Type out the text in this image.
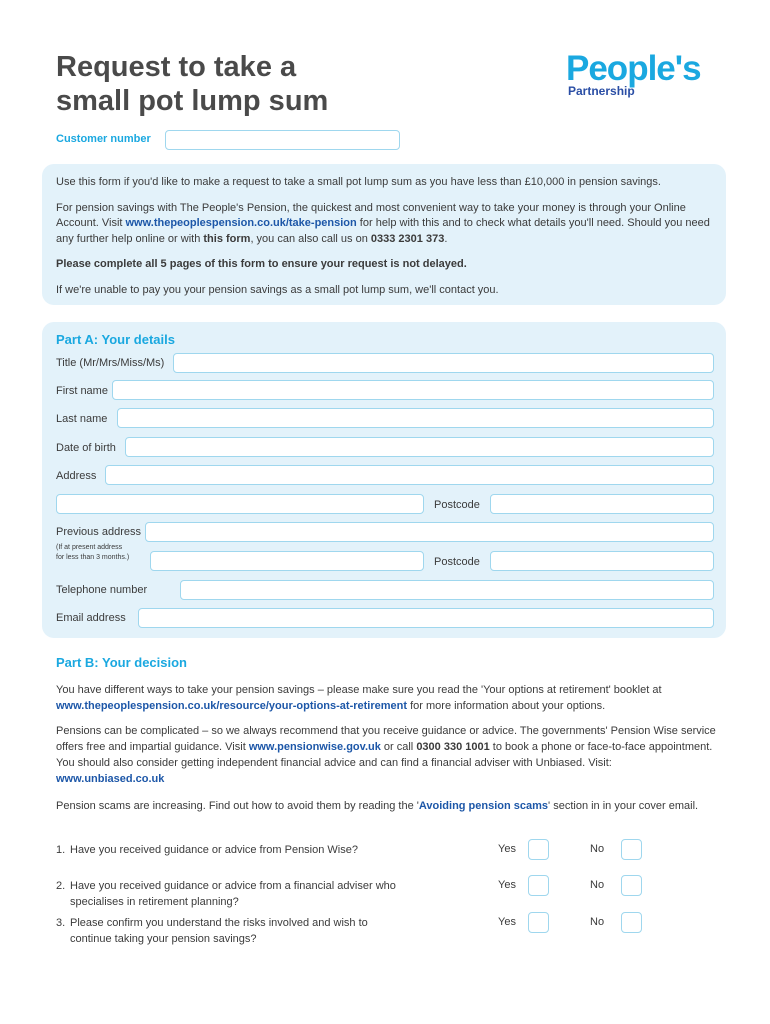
Request to take a
small pot lump sum
People's
Partnership
Customer number

Use this form if you'd like to make a request to take a small pot lump sum as you have less than £10,000 in pension savings.

For pension savings with The People's Pension, the quickest and most convenient way to take your money is through your Online Account. Visit www.thepeoplespension.co.uk/take-pension for help with this and to check what details you'll need. Should you need any further help online or with this form, you can also call us on 0333 2301 373.

Please complete all 5 pages of this form to ensure your request is not delayed.

If we're unable to pay you your pension savings as a small pot lump sum, we'll contact you.

Part A: Your details
Title (Mr/Mrs/Miss/Ms)
First name
Last name
Date of birth
Address
Postcode
Previous address
(If at present address
for less than 3 months.)	Postcode
Telephone number
Email address
Part B: Your decision
You have different ways to take your pension savings – please make sure you read the 'Your options at retirement' booklet at www.thepeoplespension.co.uk/resource/your-options-at-retirement for more information about your options.
Pensions can be complicated – so we always recommend that you receive guidance or advice. The governments' Pension Wise service offers free and impartial guidance. Visit www.pensionwise.gov.uk or call 0300 330 1001 to book a phone or face-to-face appointment. You should also consider getting independent financial advice and can find a financial adviser with Unbiased. Visit: www.unbiased.co.uk
Pension scams are increasing. Find out how to avoid them by reading the 'Avoiding pension scams' section in in your cover email.
1. Have you received guidance or advice from Pension Wise?	Yes	No
2. Have you received guidance or advice from a financial adviser who
specialises in retirement planning?
Yes	No
3. Please confirm you understand the risks involved and wish to
continue taking your pension savings?
Yes	No
